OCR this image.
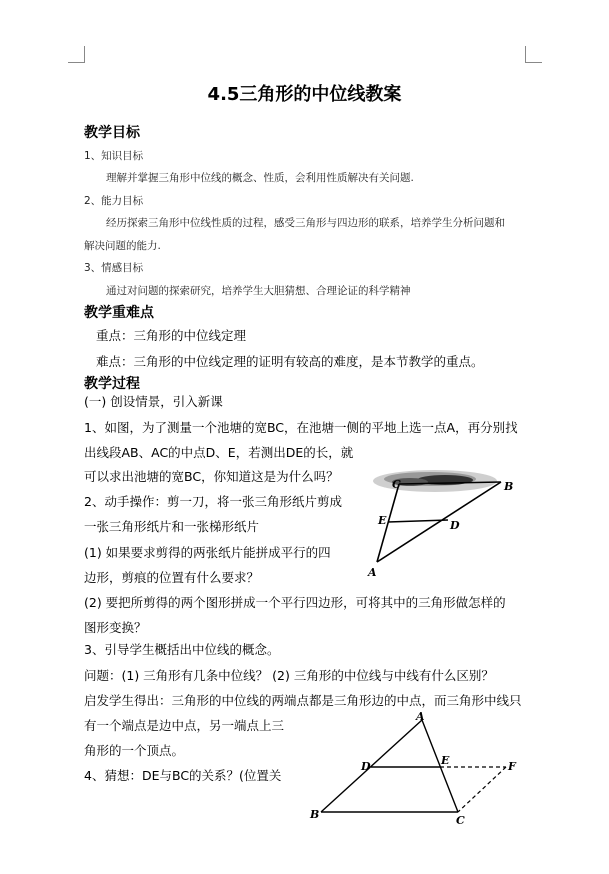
4.5三角形的中位线教案
教学目标
1、知识目标
理解并掌握三角形中位线的概念、性质，会利用性质解决有关问题.
2、能力目标
经历探索三角形中位线性质的过程，感受三角形与四边形的联系，培养学生分析问题和
解决问题的能力.
3、情感目标
通过对问题的探索研究，培养学生大胆猜想、合理论证的科学精神
教学重难点
重点：三角形的中位线定理
难点：三角形的中位线定理的证明有较高的难度，是本节教学的重点。
教学过程
(一) 创设情景，引入新课
1、如图，为了测量一个池塘的宽BC，在池塘一侧的平地上选一点A，再分别找
出线段AB、AC的中点D、E，若测出DE的长，就
可以求出池塘的宽BC，你知道这是为什么吗？
2、动手操作：剪一刀，将一张三角形纸片剪成
一张三角形纸片和一张梯形纸片
(1) 如果要求剪得的两张纸片能拼成平行的四
边形，剪痕的位置有什么要求？
(2) 要把所剪得的两个图形拼成一个平行四边形，可将其中的三角形做怎样的
图形变换？
3、引导学生概括出中位线的概念。
问题：(1) 三角形有几条中位线？ (2) 三角形的中位线与中线有什么区别？
启发学生得出：三角形的中位线的两端点都是三角形边的中点，而三角形中线只
有一个端点是边中点，另一端点上三
角形的一个顶点。
4、猜想：DE与BC的关系？(位置关
C	B
E	D
A
A
D	E	F
B	C
